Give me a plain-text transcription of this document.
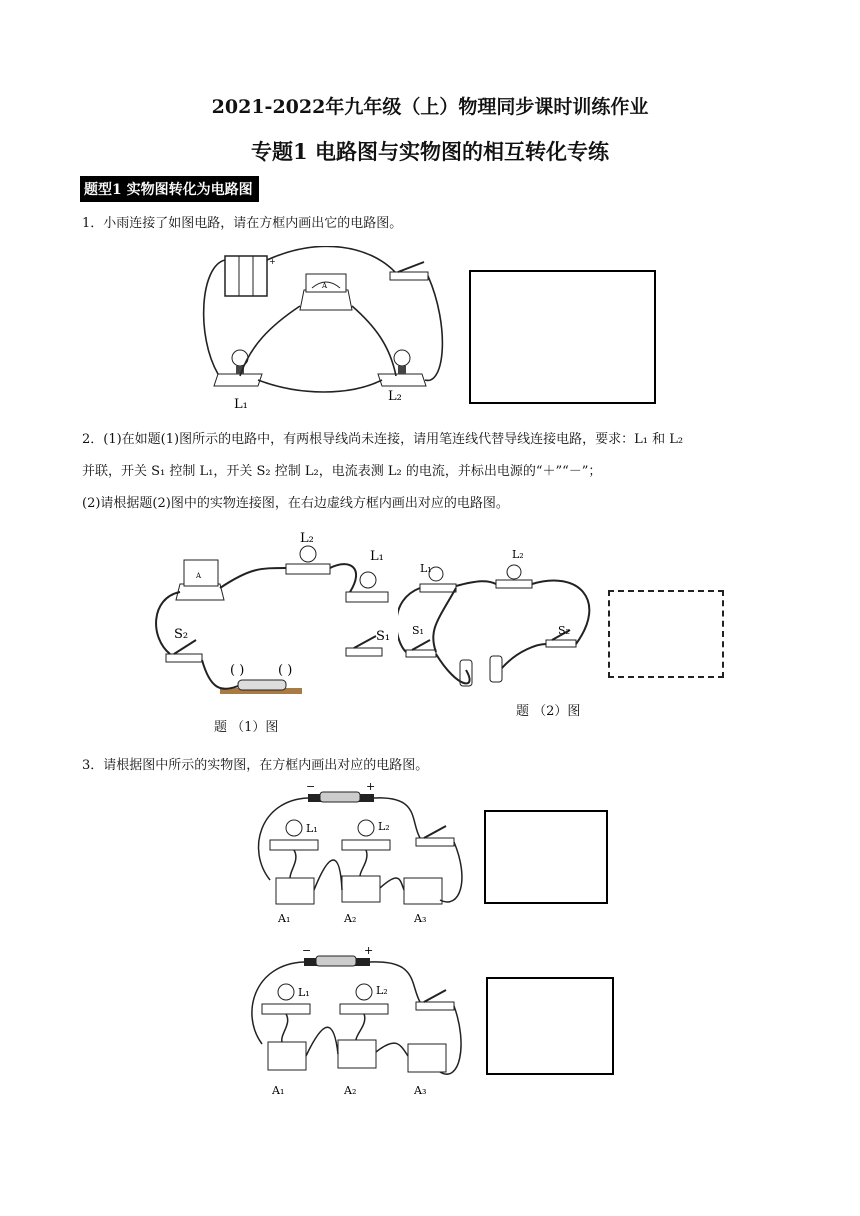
2021-2022年九年级（上）物理同步课时训练作业
专题1 电路图与实物图的相互转化专练
题型1 实物图转化为电路图
1．小雨连接了如图电路，请在方框内画出它的电路图。
+
A
L₁
L₂
2．(1)在如题(1)图所示的电路中，有两根导线尚未连接，请用笔连线代替导线连接电路，要求：L₁ 和 L₂
并联，开关 S₁ 控制 L₁，开关 S₂ 控制 L₂，电流表测 L₂ 的电流，并标出电源的“＋”“－”；
(2)请根据题(2)图中的实物连接图，在右边虚线方框内画出对应的电路图。
A
L₂
L₁
S₁
S₂
( )	( )
题 （1）图
L₁
L₂
S₁	S₂
题 （2）图
3．请根据图中所示的实物图，在方框内画出对应的电路图。
−	+
L₁	L₂
A₁	A₂	A₃
−	+
L₁	L₂
A₁	A₂	A₃
